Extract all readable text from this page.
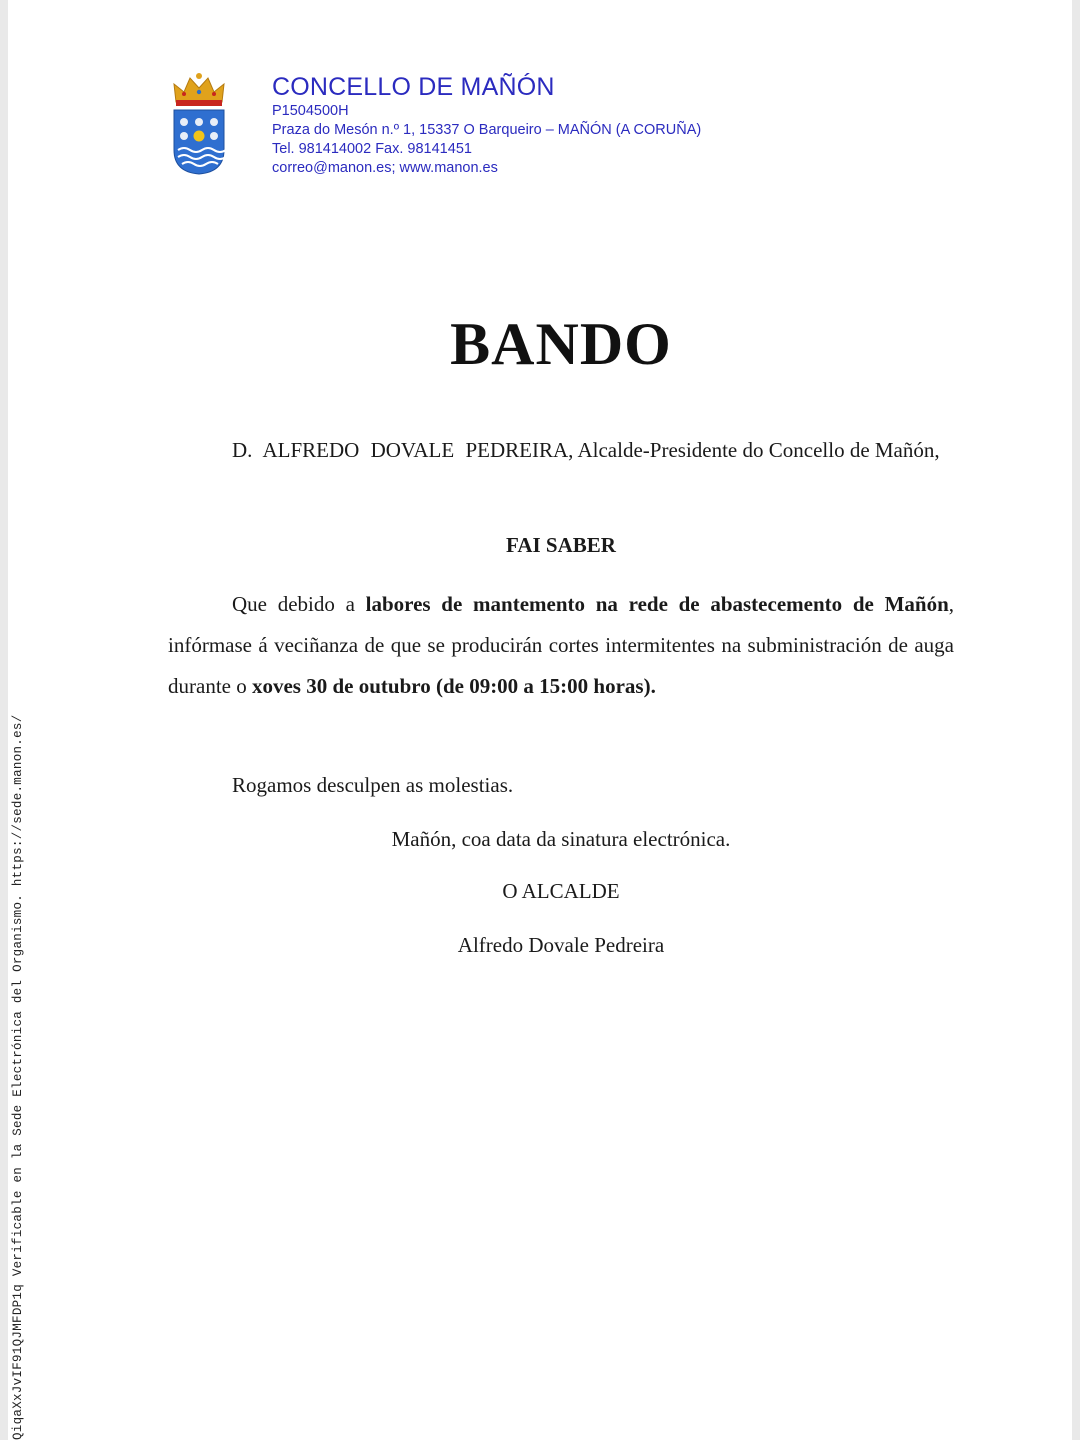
CONCELLO DE MAÑÓN
P1504500H
Praza do Mesón n.º 1, 15337 O Barqueiro – MAÑÓN (A CORUÑA)
Tel. 981414002 Fax. 98141451
correo@manon.es; www.manon.es
BANDO
D. ALFREDO DOVALE PEDREIRA, Alcalde-Presidente do Concello de Mañón,
FAI SABER
Que debido a labores de mantemento na rede de abastecemento de Mañón, infórmase á veciñanza de que se producirán cortes intermitentes na subministración de auga durante o xoves 30 de outubro (de 09:00 a 15:00 horas).
Rogamos desculpen as molestias.
Mañón, coa data da sinatura electrónica.
O ALCALDE
Alfredo Dovale Pedreira
QiqaXxJvIF91QJMFDP1q Verificable en la Sede Electrónica del Organismo. https://sede.manon.es/
